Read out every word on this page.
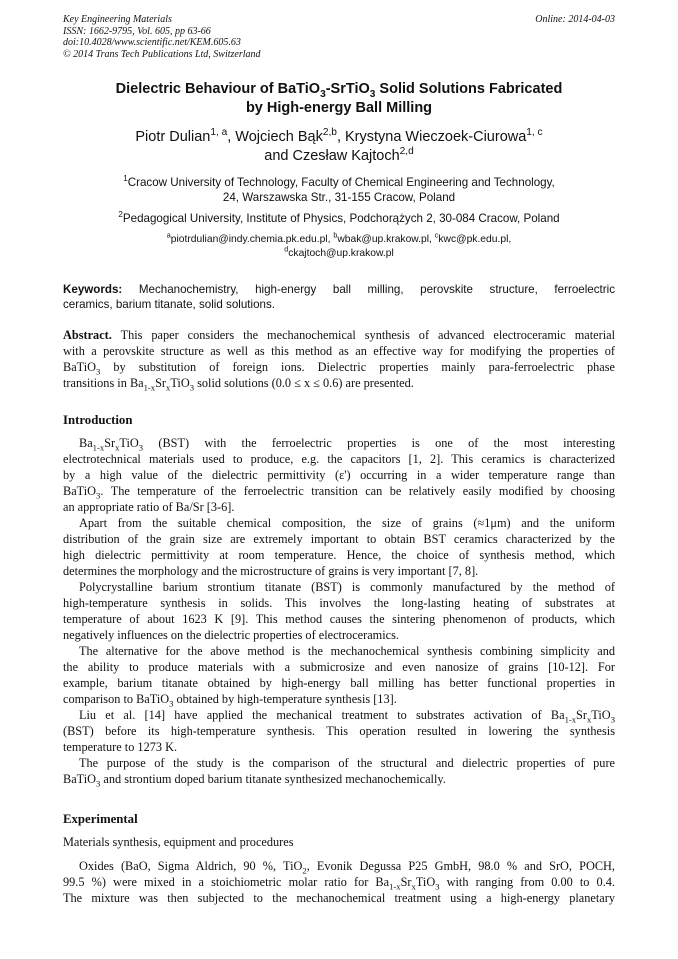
Key Engineering Materials
ISSN: 1662-9795, Vol. 605, pp 63-66
doi:10.4028/www.scientific.net/KEM.605.63
© 2014 Trans Tech Publications Ltd, Switzerland
Online: 2014-04-03
Dielectric Behaviour of BaTiO$_3$-SrTiO$_3$ Solid Solutions Fabricated
by High-energy Ball Milling
Piotr Dulian$^{1, a}$, Wojciech Bąk$^{2,b}$, Krystyna Wieczoek-Ciurowa$^{1, c}$
and Czesław Kajtoch$^{2,d}$
$^1$Cracow University of Technology, Faculty of Chemical Engineering and Technology,
24, Warszawska Str., 31-155 Cracow, Poland
$^2$Pedagogical University, Institute of Physics, Podchorążych 2, 30-084 Cracow, Poland
$^a$piotrdulian@indy.chemia.pk.edu.pl, $^b$wbak@up.krakow.pl, $^c$kwc@pk.edu.pl,
$^d$ckajtoch@up.krakow.pl
Keywords: Mechanochemistry, high-energy ball milling, perovskite structure, ferroelectric
ceramics, barium titanate, solid solutions.
Abstract. This paper considers the mechanochemical synthesis of advanced electroceramic material
with a perovskite structure as well as this method as an effective way for modifying the properties of
BaTiO$_3$ by substitution of foreign ions. Dielectric properties mainly para-ferroelectric phase
transitions in $Ba_{1-x}Sr_xTiO_3$ solid solutions (0.0 ≤ x ≤ 0.6) are presented.
Introduction
$Ba_{1-x}Sr_xTiO_3$ (BST) with the ferroelectric properties is one of the most interesting
electrotechnical materials used to produce, e.g. the capacitors [1, 2]. This ceramics is characterized
by a high value of the dielectric permittivity (ε') occurring in a wider temperature range than
BaTiO$_3$. The temperature of the ferroelectric transition can be relatively easily modified by choosing
an appropriate ratio of Ba/Sr [3-6].
Apart from the suitable chemical composition, the size of grains (≈1μm) and the uniform
distribution of the grain size are extremely important to obtain BST ceramics characterized by the
high dielectric permittivity at room temperature. Hence, the choice of synthesis method, which
determines the morphology and the microstructure of grains is very important [7, 8].
Polycrystalline barium strontium titanate (BST) is commonly manufactured by the method of
high-temperature synthesis in solids. This involves the long-lasting heating of substrates at
temperature of about 1623 K [9]. This method causes the sintering phenomenon of products, which
negatively influences on the dielectric properties of electroceramics.
The alternative for the above method is the mechanochemical synthesis combining simplicity and
the ability to produce materials with a submicrosize and even nanosize of grains [10-12]. For
example, barium titanate obtained by high-energy ball milling has better functional properties in
comparison to BaTiO$_3$ obtained by high-temperature synthesis [13].
Liu et al. [14] have applied the mechanical treatment to substrates activation of $Ba_{1-x}Sr_xTiO_3$
(BST) before its high-temperature synthesis. This operation resulted in lowering the synthesis
temperature to 1273 K.
The purpose of the study is the comparison of the structural and dielectric properties of pure
BaTiO$_3$ and strontium doped barium titanate synthesized mechanochemically.
Experimental
Materials synthesis, equipment and procedures
Oxides (BaO, Sigma Aldrich, 90 %, TiO$_2$, Evonik Degussa P25 GmbH, 98.0 % and SrO, POCH,
99.5 %) were mixed in a stoichiometric molar ratio for $Ba_{1-x}Sr_xTiO_3$ with ranging from 0.00 to 0.4.
The mixture was then subjected to the mechanochemical treatment using a high-energy planetary
